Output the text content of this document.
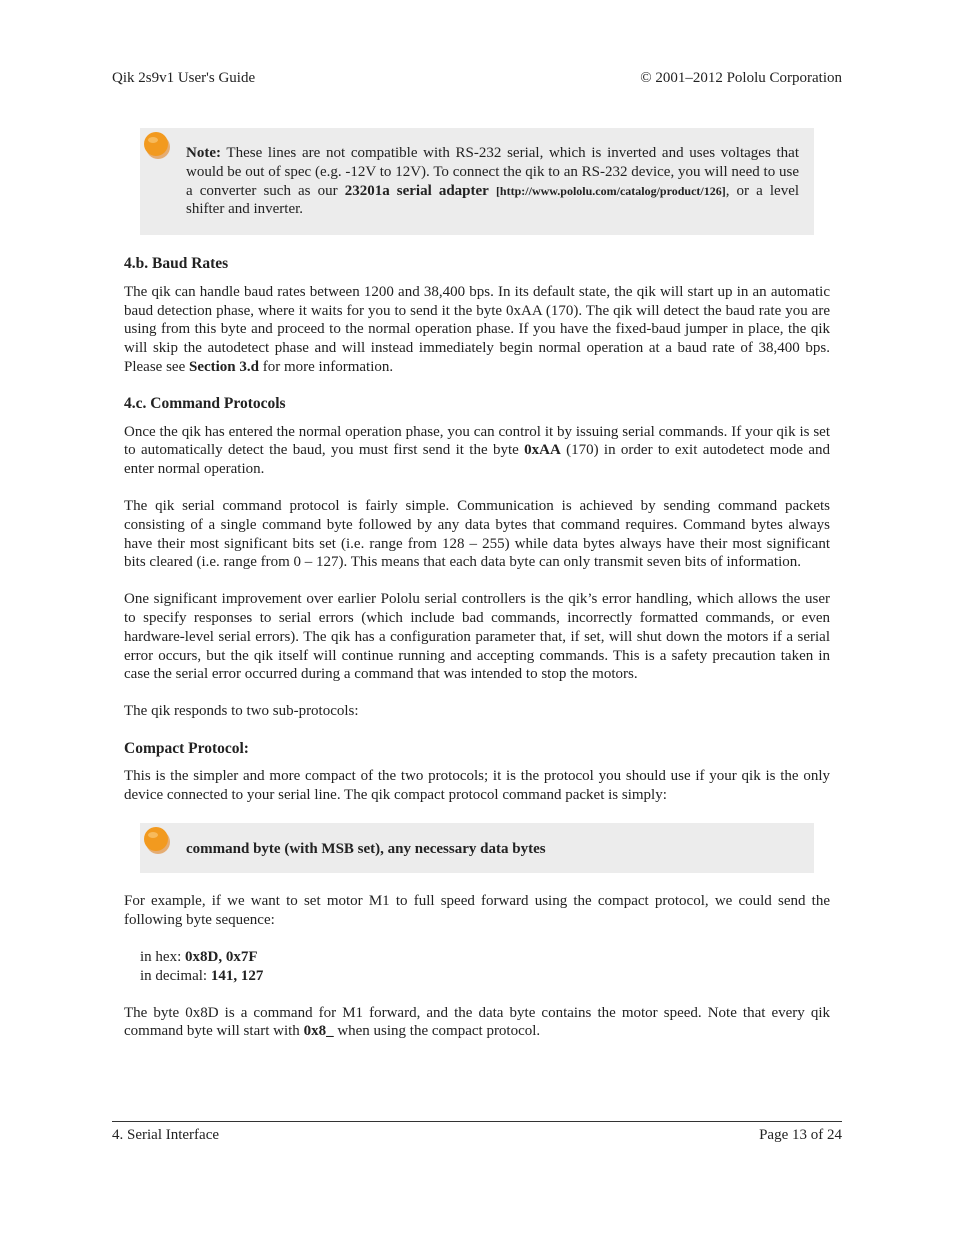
Qik 2s9v1 User's Guide	© 2001–2012 Pololu Corporation

Note: These lines are not compatible with RS-232 serial, which is inverted and uses voltages that would be out of spec (e.g. -12V to 12V). To connect the qik to an RS-232 device, you will need to use a converter such as our 23201a serial adapter [http://www.pololu.com/catalog/product/126], or a level shifter and inverter.

4.b. Baud Rates

The qik can handle baud rates between 1200 and 38,400 bps. In its default state, the qik will start up in an automatic baud detection phase, where it waits for you to send it the byte 0xAA (170). The qik will detect the baud rate you are using from this byte and proceed to the normal operation phase. If you have the fixed-baud jumper in place, the qik will skip the autodetect phase and will instead immediately begin normal operation at a baud rate of 38,400 bps. Please see Section 3.d for more information.

4.c. Command Protocols

Once the qik has entered the normal operation phase, you can control it by issuing serial commands. If your qik is set to automatically detect the baud, you must first send it the byte 0xAA (170) in order to exit autodetect mode and enter normal operation.

The qik serial command protocol is fairly simple. Communication is achieved by sending command packets consisting of a single command byte followed by any data bytes that command requires. Command bytes always have their most significant bits set (i.e. range from 128 – 255) while data bytes always have their most significant bits cleared (i.e. range from 0 – 127). This means that each data byte can only transmit seven bits of information.

One significant improvement over earlier Pololu serial controllers is the qik’s error handling, which allows the user to specify responses to serial errors (which include bad commands, incorrectly formatted commands, or even hardware-level serial errors). The qik has a configuration parameter that, if set, will shut down the motors if a serial error occurs, but the qik itself will continue running and accepting commands. This is a safety precaution taken in case the serial error occurred during a command that was intended to stop the motors.

The qik responds to two sub-protocols:

Compact Protocol:

This is the simpler and more compact of the two protocols; it is the protocol you should use if your qik is the only device connected to your serial line. The qik compact protocol command packet is simply:

command byte (with MSB set), any necessary data bytes

For example, if we want to set motor M1 to full speed forward using the compact protocol, we could send the following byte sequence:

in hex: 0x8D, 0x7F
in decimal: 141, 127

The byte 0x8D is a command for M1 forward, and the data byte contains the motor speed. Note that every qik command byte will start with 0x8_ when using the compact protocol.

4. Serial Interface	Page 13 of 24
